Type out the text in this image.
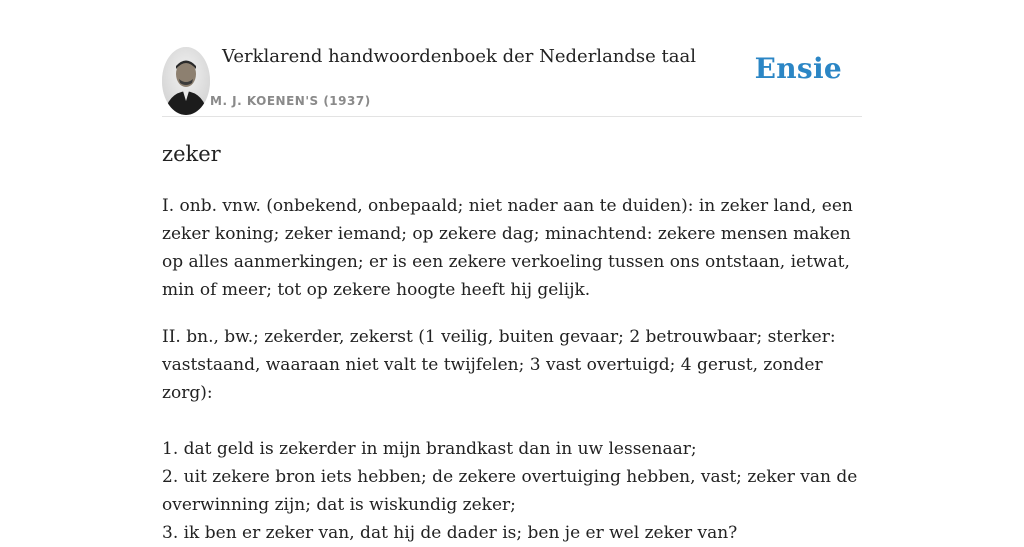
Verklarend handwoordenboek der Nederlandse taal
M. J. KOENEN'S (1937)
Ensie
zeker

I. onb. vnw. (onbekend, onbepaald; niet nader aan te duiden): in zeker land, een zeker koning; zeker iemand; op zekere dag; minachtend: zekere mensen maken op alles aanmerkingen; er is een zekere verkoeling tussen ons ontstaan, ietwat, min of meer; tot op zekere hoogte heeft hij gelijk.

II. bn., bw.; zekerder, zekerst (1 veilig, buiten gevaar; 2 betrouwbaar; sterker: vaststaand, waaraan niet valt te twijfelen; 3 vast overtuigd; 4 gerust, zonder zorg):

1. dat geld is zekerder in mijn brandkast dan in uw lessenaar;
2. uit zekere bron iets hebben; de zekere overtuiging hebben, vast; zeker van de overwinning zijn; dat is wiskundig zeker;
3. ik ben er zeker van, dat hij de dader is; ben je er wel zeker van?
